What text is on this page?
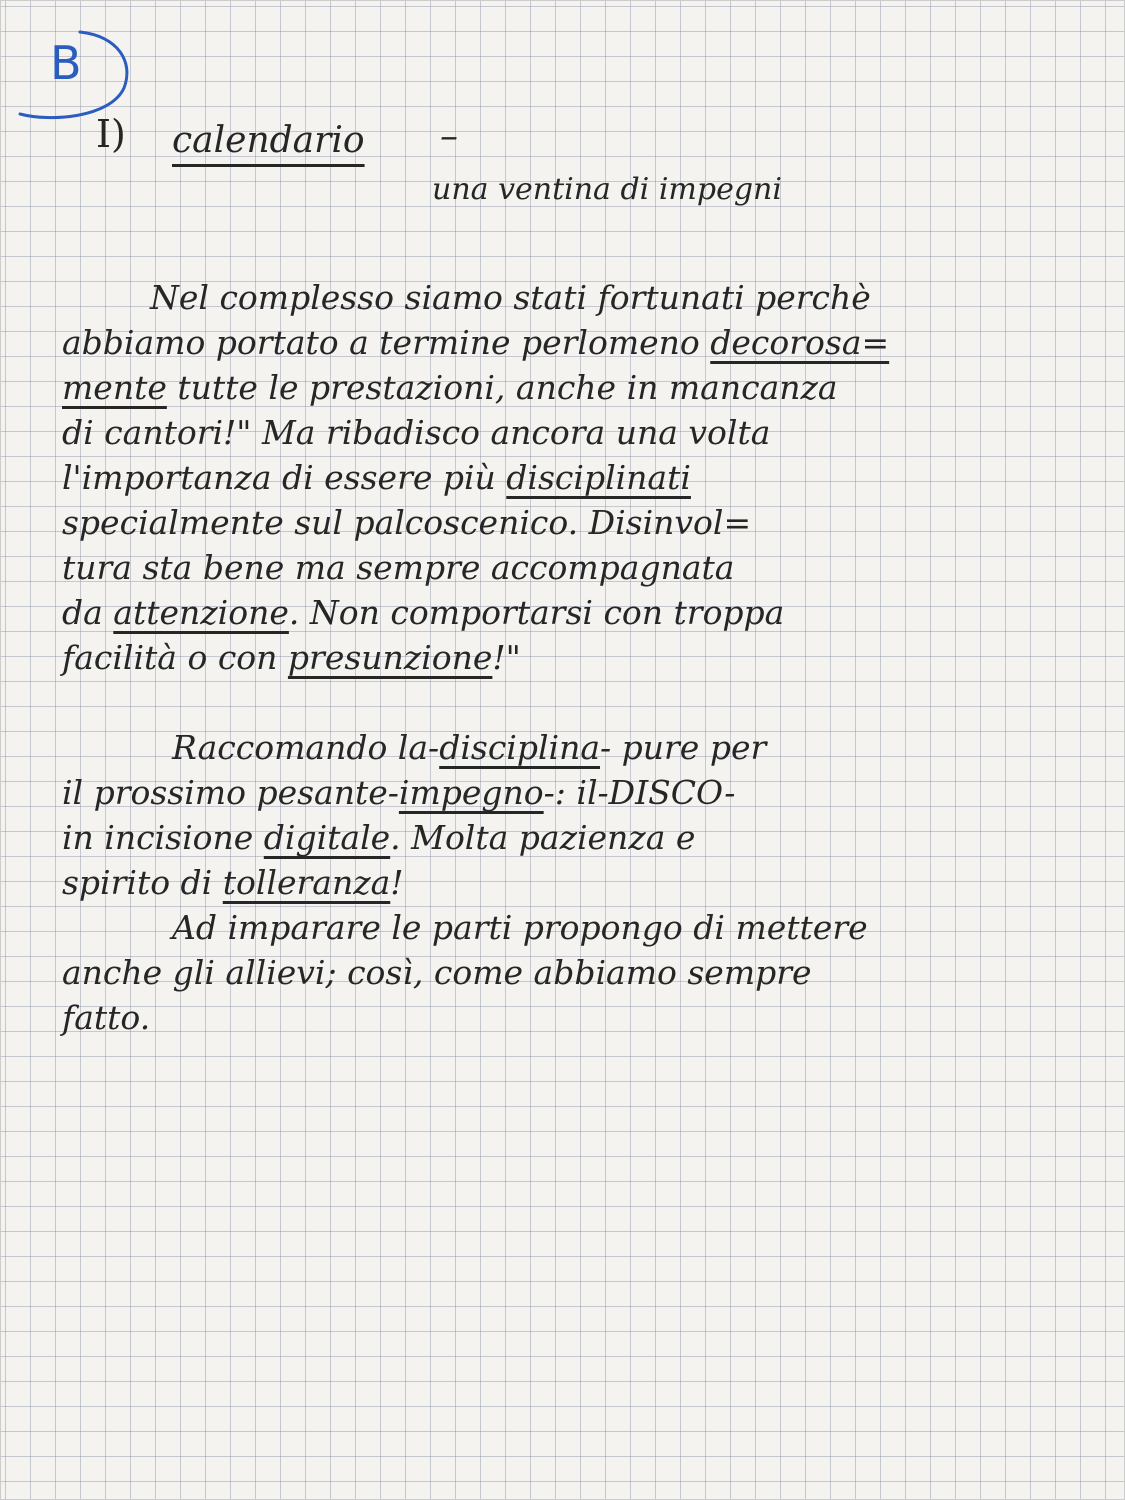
B
I) calendario –
una ventina di impegni
Nel complesso siamo stati fortunati perchè
abbiamo portato a termine perlomeno decorosa=
mente tutte le prestazioni, anche in mancanza
di cantori!" Ma ribadisco ancora una volta
l'importanza di essere più disciplinati
specialmente sul palcoscenico. Disinvol=
tura sta bene ma sempre accompagnata
da attenzione. Non comportarsi con troppa
facilità o con presunzione!"
Raccomando la-disciplina- pure per
il prossimo pesante-impegno-: il-DISCO-
in incisione digitale. Molta pazienza e
spirito di tolleranza!
Ad imparare le parti propongo di mettere
anche gli allievi; così, come abbiamo sempre
fatto.
